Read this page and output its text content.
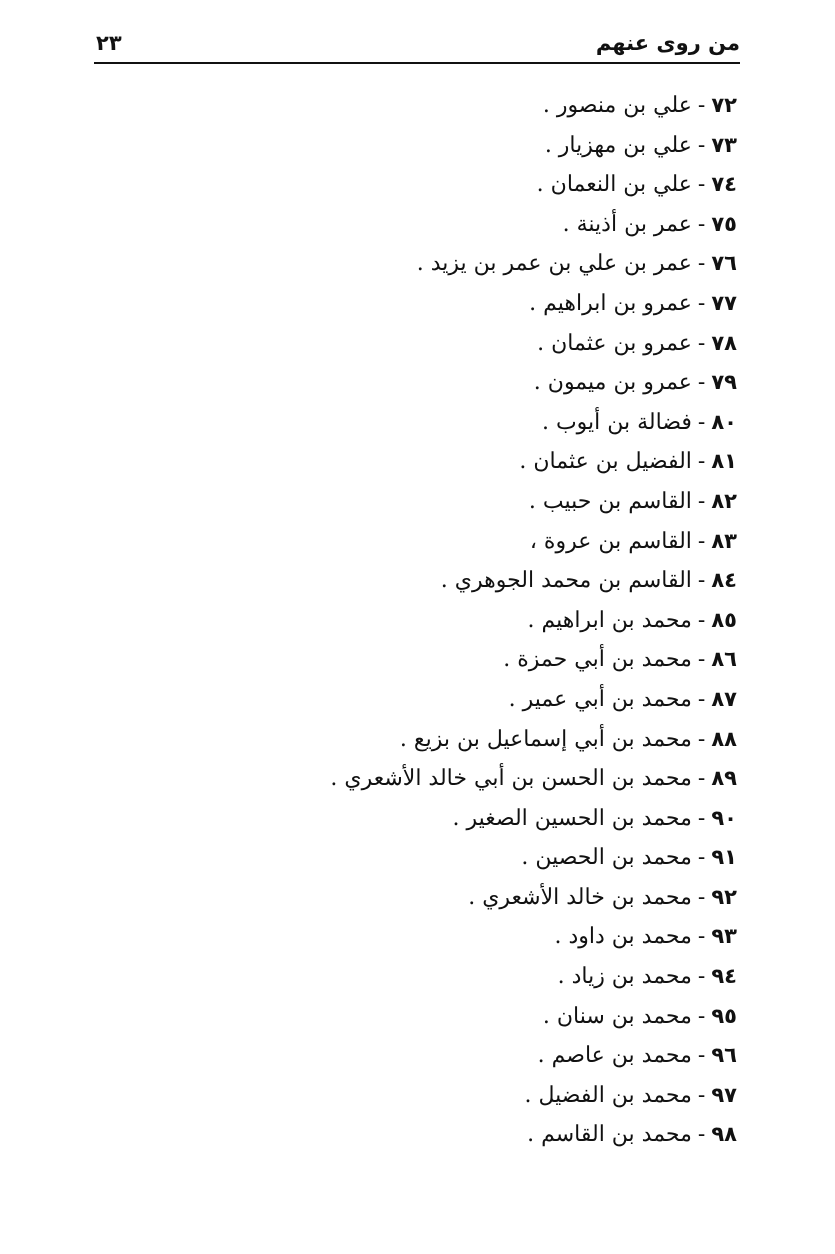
من روى عنهم
٢٣
٧٢-علي بن منصور .
٧٣-علي بن مهزيار .
٧٤-علي بن النعمان .
٧٥-عمر بن أذينة .
٧٦-عمر بن علي بن عمر بن يزيد .
٧٧-عمرو بن ابراهيم .
٧٨-عمرو بن عثمان .
٧٩-عمرو بن ميمون .
٨٠-فضالة بن أيوب .
٨١-الفضيل بن عثمان .
٨٢-القاسم بن حبيب .
٨٣-القاسم بن عروة ،
٨٤-القاسم بن محمد الجوهري .
٨٥-محمد بن ابراهيم .
٨٦-محمد بن أبي حمزة .
٨٧-محمد بن أبي عمير .
٨٨-محمد بن أبي إسماعيل بن بزيع .
٨٩-محمد بن الحسن بن أبي خالد الأشعري .
٩٠-محمد بن الحسين الصغير .
٩١-محمد بن الحصين .
٩٢-محمد بن خالد الأشعري .
٩٣-محمد بن داود .
٩٤-محمد بن زياد .
٩٥-محمد بن سنان .
٩٦-محمد بن عاصم .
٩٧-محمد بن الفضيل .
٩٨-محمد بن القاسم .
